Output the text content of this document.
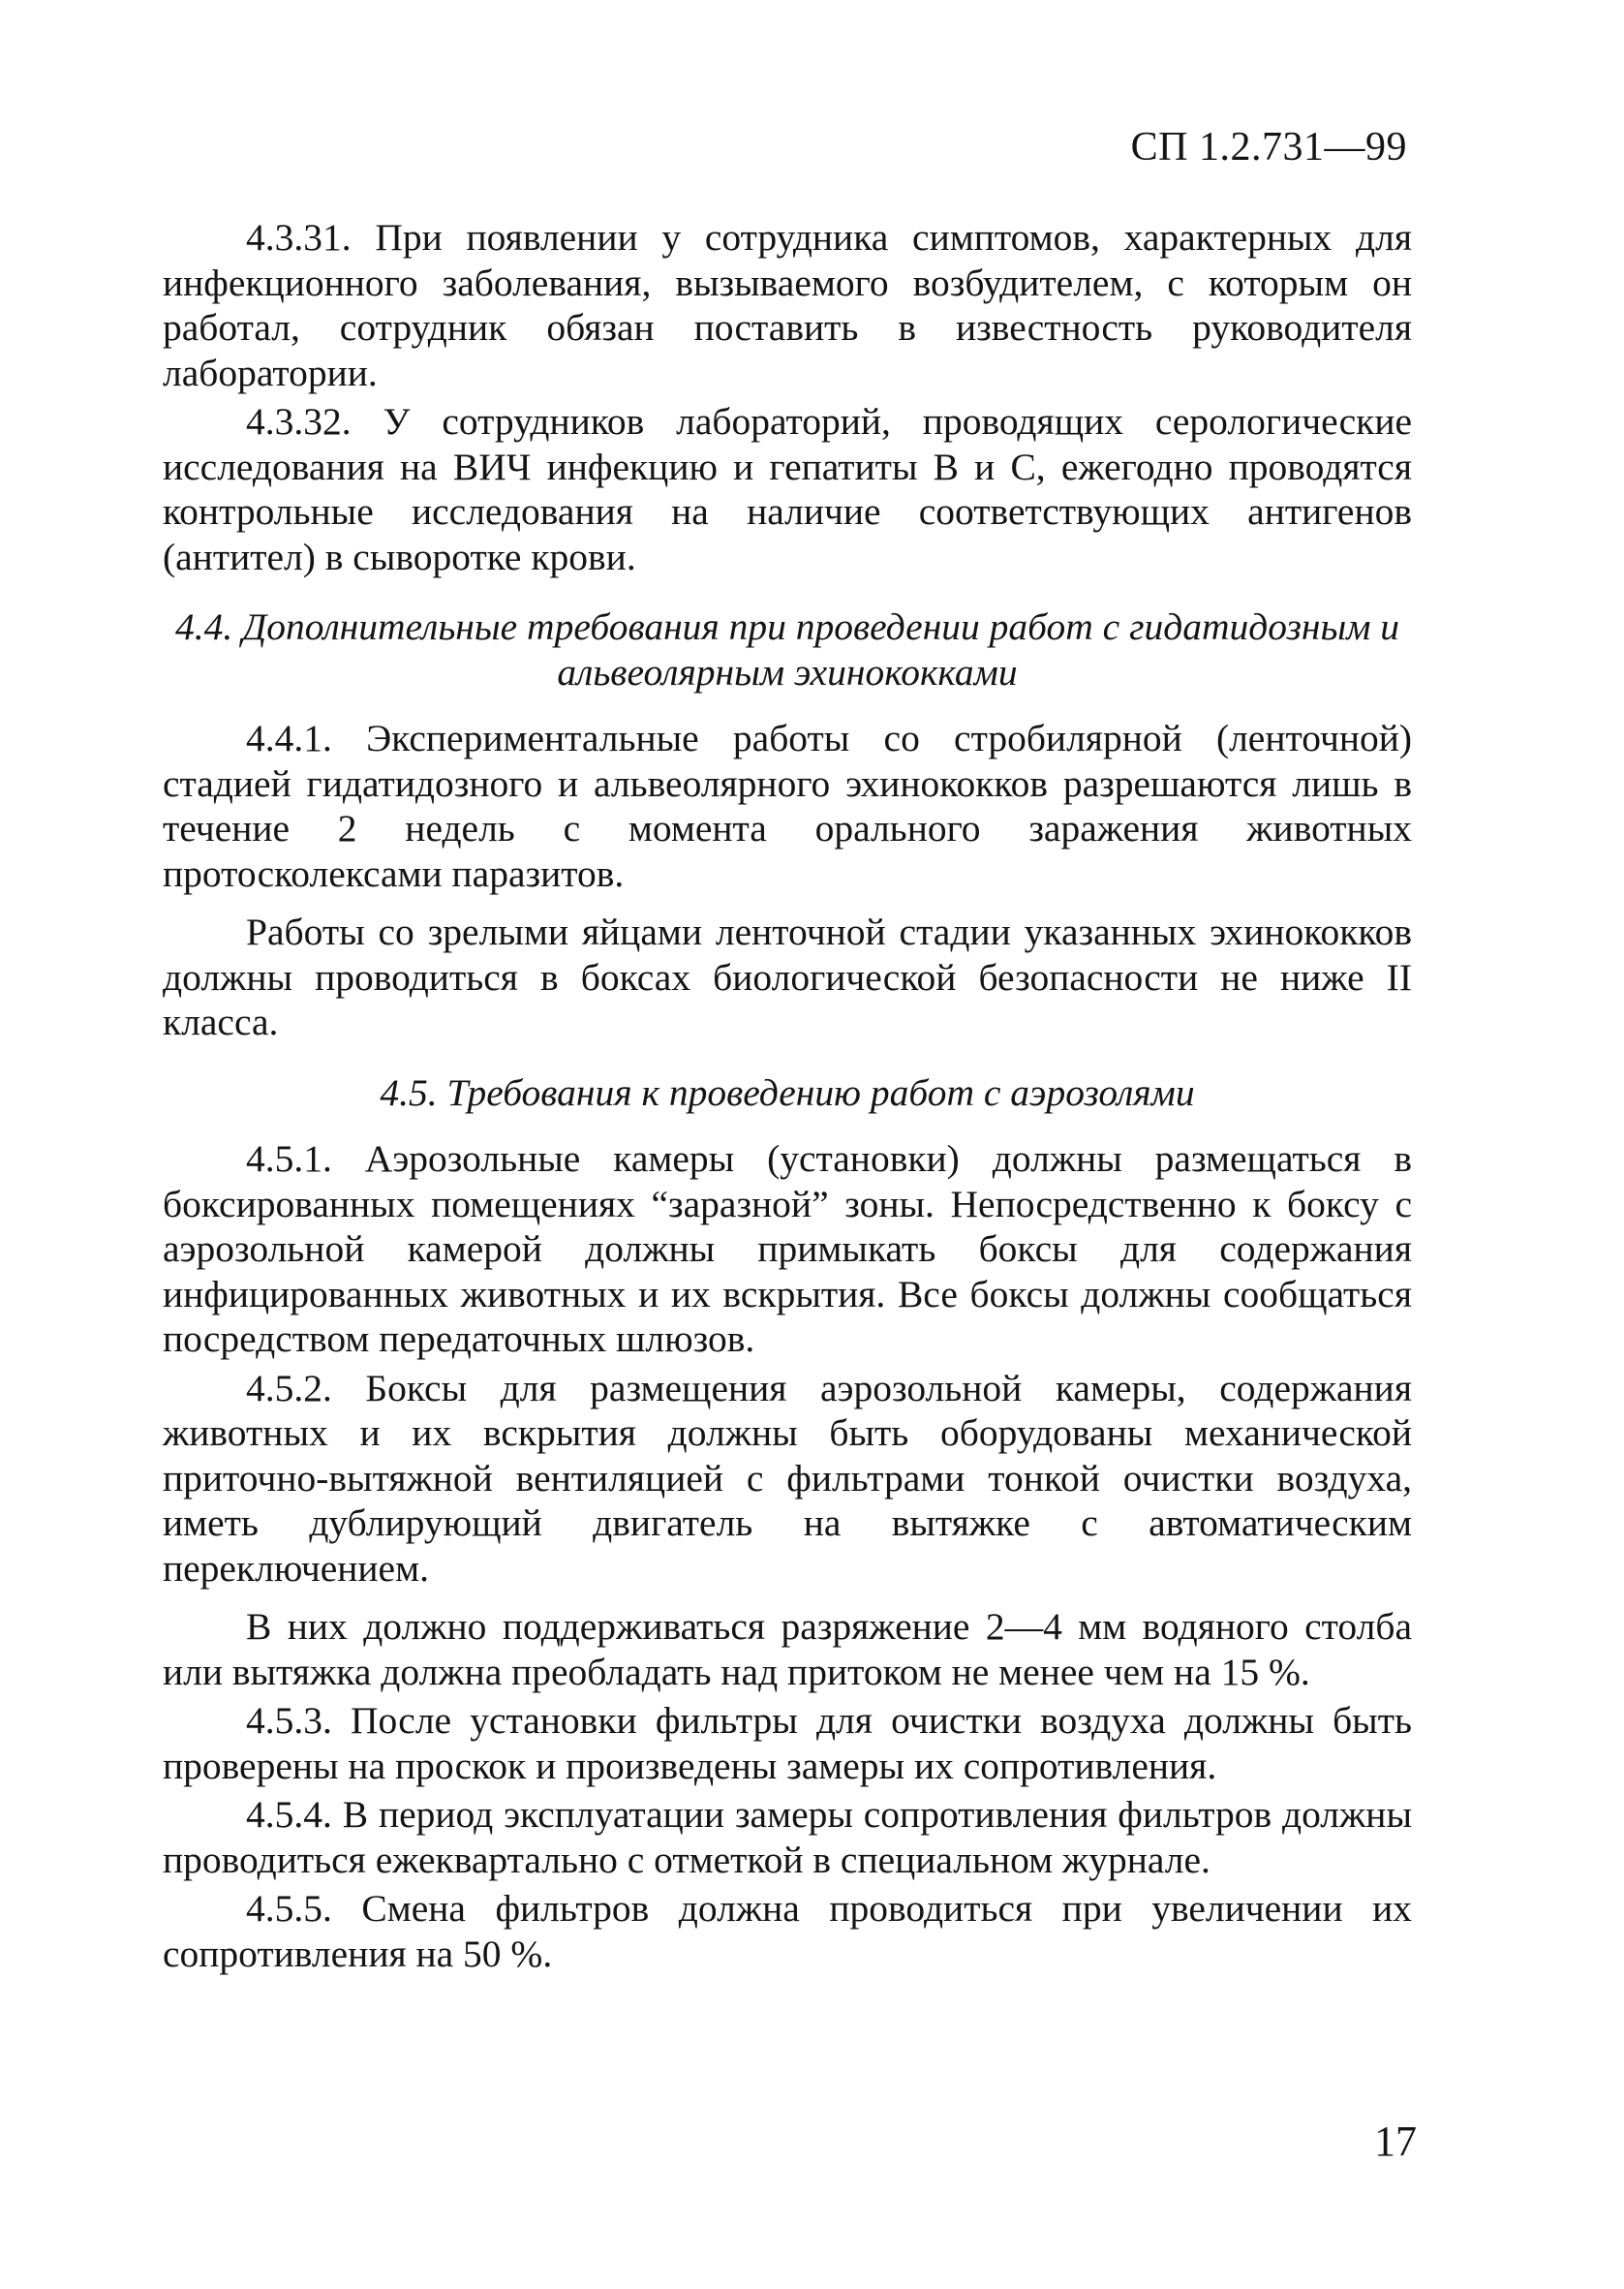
СП 1.2.731—99

4.3.31. При появлении у сотрудника симптомов, характерных для инфекционного заболевания, вызываемого возбудителем, с которым он работал, сотрудник обязан поставить в известность руководителя лаборатории.

4.3.32. У сотрудников лабораторий, проводящих серологические исследования на ВИЧ инфекцию и гепатиты В и С, ежегодно проводятся контрольные исследования на наличие соответствующих антигенов (антител) в сыворотке крови.

4.4. Дополнительные требования при проведении работ с гидатидозным и альвеолярным эхинококками

4.4.1. Экспериментальные работы со стробилярной (ленточной) стадией гидатидозного и альвеолярного эхинококков разрешаются лишь в течение 2 недель с момента орального заражения животных протосколексами паразитов.

Работы со зрелыми яйцами ленточной стадии указанных эхинококков должны проводиться в боксах биологической безопасности не ниже II класса.

4.5. Требования к проведению работ с аэрозолями

4.5.1. Аэрозольные камеры (установки) должны размещаться в боксированных помещениях “заразной” зоны. Непосредственно к боксу с аэрозольной камерой должны примыкать боксы для содержания инфицированных животных и их вскрытия. Все боксы должны сообщаться посредством передаточных шлюзов.

4.5.2. Боксы для размещения аэрозольной камеры, содержания животных и их вскрытия должны быть оборудованы механической приточно-вытяжной вентиляцией с фильтрами тонкой очистки воздуха, иметь дублирующий двигатель на вытяжке с автоматическим переключением.

В них должно поддерживаться разряжение 2—4 мм водяного столба или вытяжка должна преобладать над притоком не менее чем на 15 %.

4.5.3. После установки фильтры для очистки воздуха должны быть проверены на проскок и произведены замеры их сопротивления.

4.5.4. В период эксплуатации замеры сопротивления фильтров должны проводиться ежеквартально с отметкой в специальном журнале.

4.5.5. Смена фильтров должна проводиться при увеличении их сопротивления на 50 %.

17
